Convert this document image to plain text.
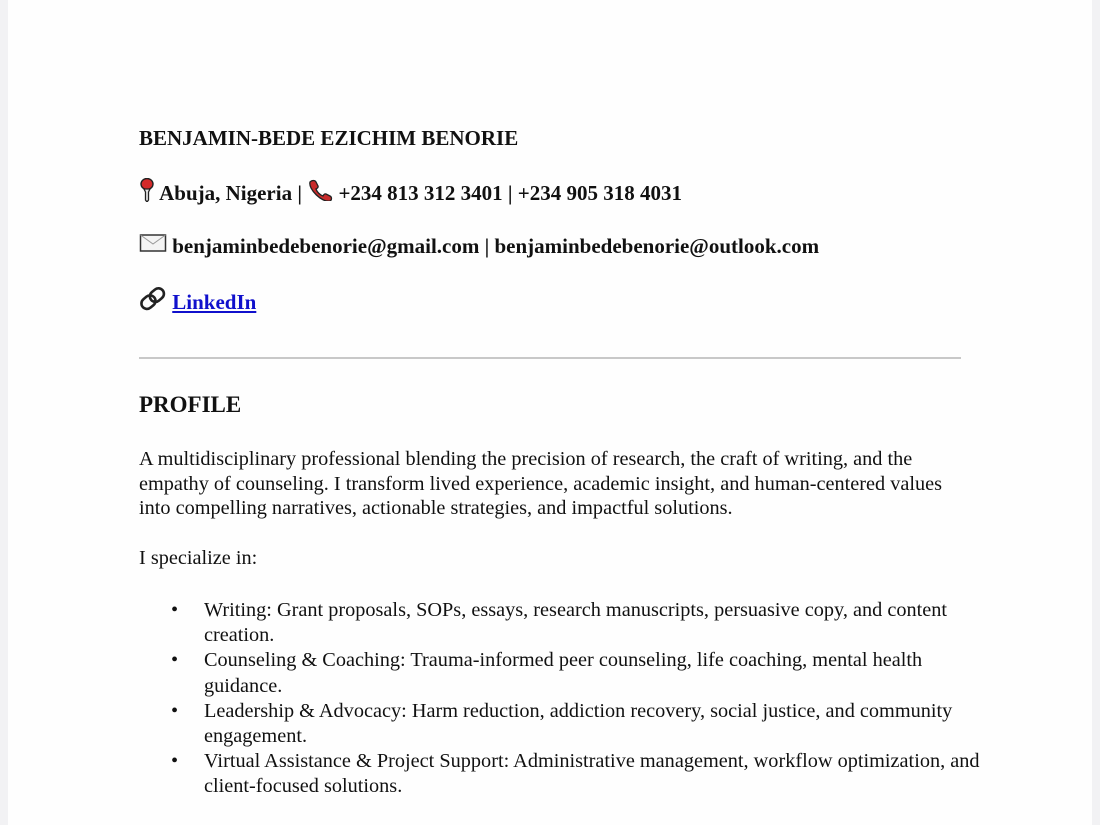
BENJAMIN-BEDE EZICHIM BENORIE
Abuja, Nigeria | +234 813 312 3401 | +234 905 318 4031
benjaminbedebenorie@gmail.com | benjaminbedebenorie@outlook.com
LinkedIn
PROFILE

A multidisciplinary professional blending the precision of research, the craft of writing, and the empathy of counseling. I transform lived experience, academic insight, and human-centered values into compelling narratives, actionable strategies, and impactful solutions.

I specialize in:

• Writing: Grant proposals, SOPs, essays, research manuscripts, persuasive copy, and content creation.
• Counseling & Coaching: Trauma-informed peer counseling, life coaching, mental health guidance.
• Leadership & Advocacy: Harm reduction, addiction recovery, social justice, and community engagement.
• Virtual Assistance & Project Support: Administrative management, workflow optimization, and client-focused solutions.
